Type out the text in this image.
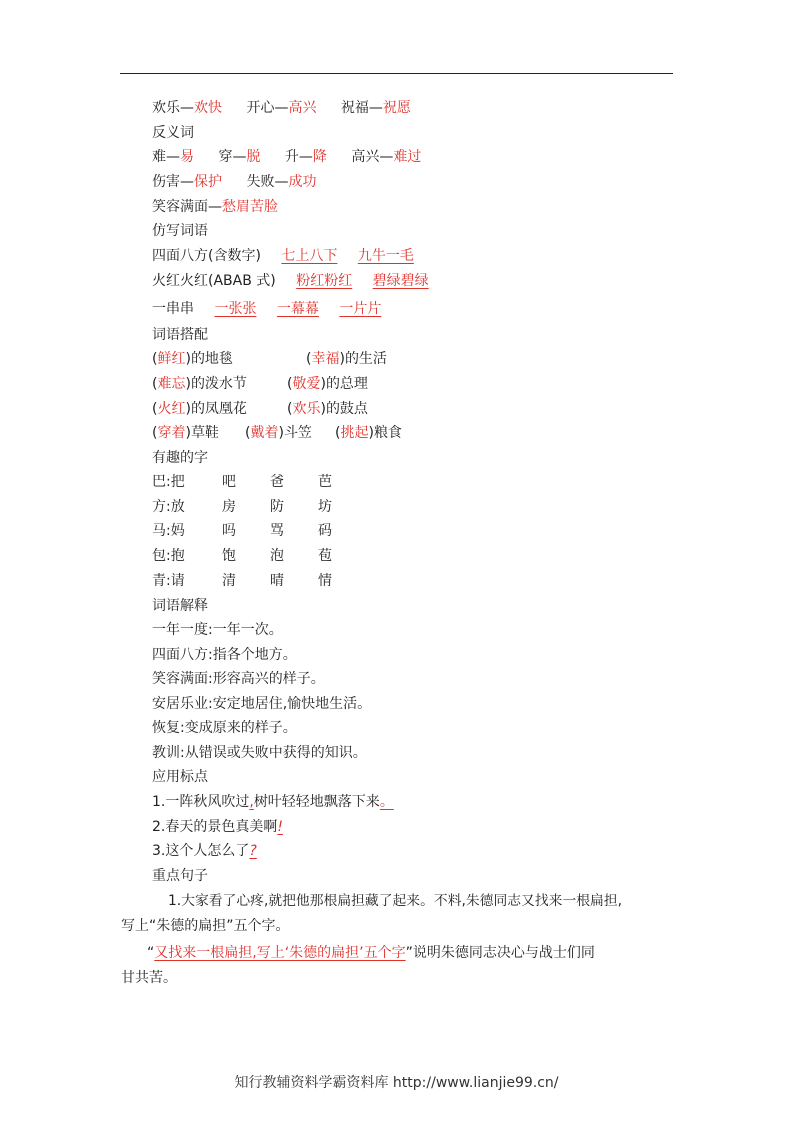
欢乐—欢快 开心—高兴 祝福—祝愿
反义词
难—易 穿—脱 升—降 高兴—难过
伤害—保护 失败—成功
笑容满面—愁眉苦脸
仿写词语
四面八方(含数字) 七上八下 九牛一毛
火红火红(ABAB 式) 粉红粉红 碧绿碧绿
一串串 一张张 一幕幕 一片片
词语搭配
(鲜红)的地毯	(幸福)的生活
(难忘)的泼水节	(敬爱)的总理
(火红)的凤凰花	(欢乐)的鼓点
(穿着)草鞋 (戴着)斗笠 (挑起)粮食
有趣的字
巴:把	吧 爸 芭
方:放	房 防 坊
马:妈	吗 骂 码
包:抱	饱 泡 苞
青:请	清 晴 情
词语解释
一年一度:一年一次。
四面八方:指各个地方。
笑容满面:形容高兴的样子。
安居乐业:安定地居住,愉快地生活。
恢复:变成原来的样子。
教训:从错误或失败中获得的知识。
应用标点
1.一阵秋风吹过,树叶轻轻地飘落下来。
2.春天的景色真美啊!
3.这个人怎么了?
重点句子
1.大家看了心疼,就把他那根扁担藏了起来。不料,朱德同志又找来一根扁担,
写上“朱德的扁担”五个字。
“又找来一根扁担,写上‘朱德的扁担’五个字”说明朱德同志决心与战士们同
甘共苦。
知行教辅资料学霸资料库 http://www.lianjie99.cn/
